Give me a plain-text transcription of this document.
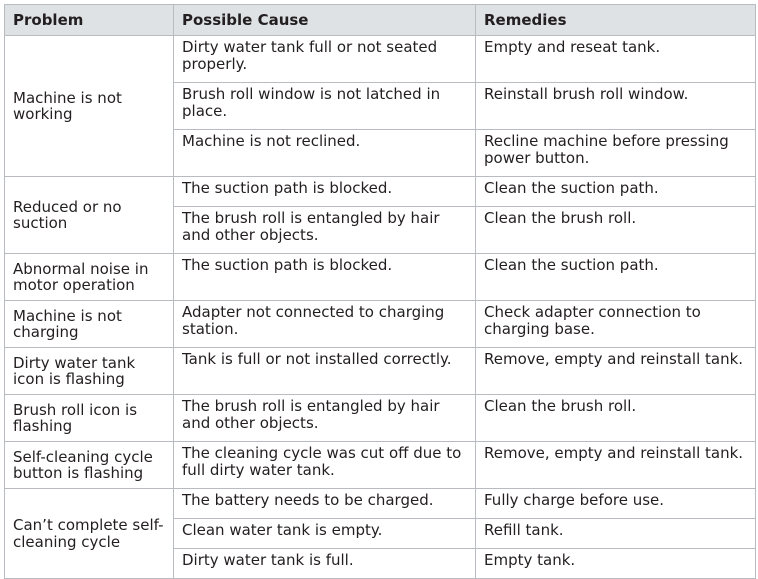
Problem	Possible Cause	Remedies
Machine is not working	Dirty water tank full or not seated properly.	Empty and reseat tank.
	Brush roll window is not latched in place.	Reinstall brush roll window.
	Machine is not reclined.	Recline machine before pressing power button.
Reduced or no suction	The suction path is blocked.	Clean the suction path.
	The brush roll is entangled by hair and other objects.	Clean the brush roll.
Abnormal noise in motor operation	The suction path is blocked.	Clean the suction path.
Machine is not charging	Adapter not connected to charging station.	Check adapter connection to charging base.
Dirty water tank icon is flashing	Tank is full or not installed correctly.	Remove, empty and reinstall tank.
Brush roll icon is flashing	The brush roll is entangled by hair and other objects.	Clean the brush roll.
Self-cleaning cycle button is flashing	The cleaning cycle was cut off due to full dirty water tank.	Remove, empty and reinstall tank.
Can’t complete self-cleaning cycle	The battery needs to be charged.	Fully charge before use.
	Clean water tank is empty.	Refill tank.
	Dirty water tank is full.	Empty tank.
